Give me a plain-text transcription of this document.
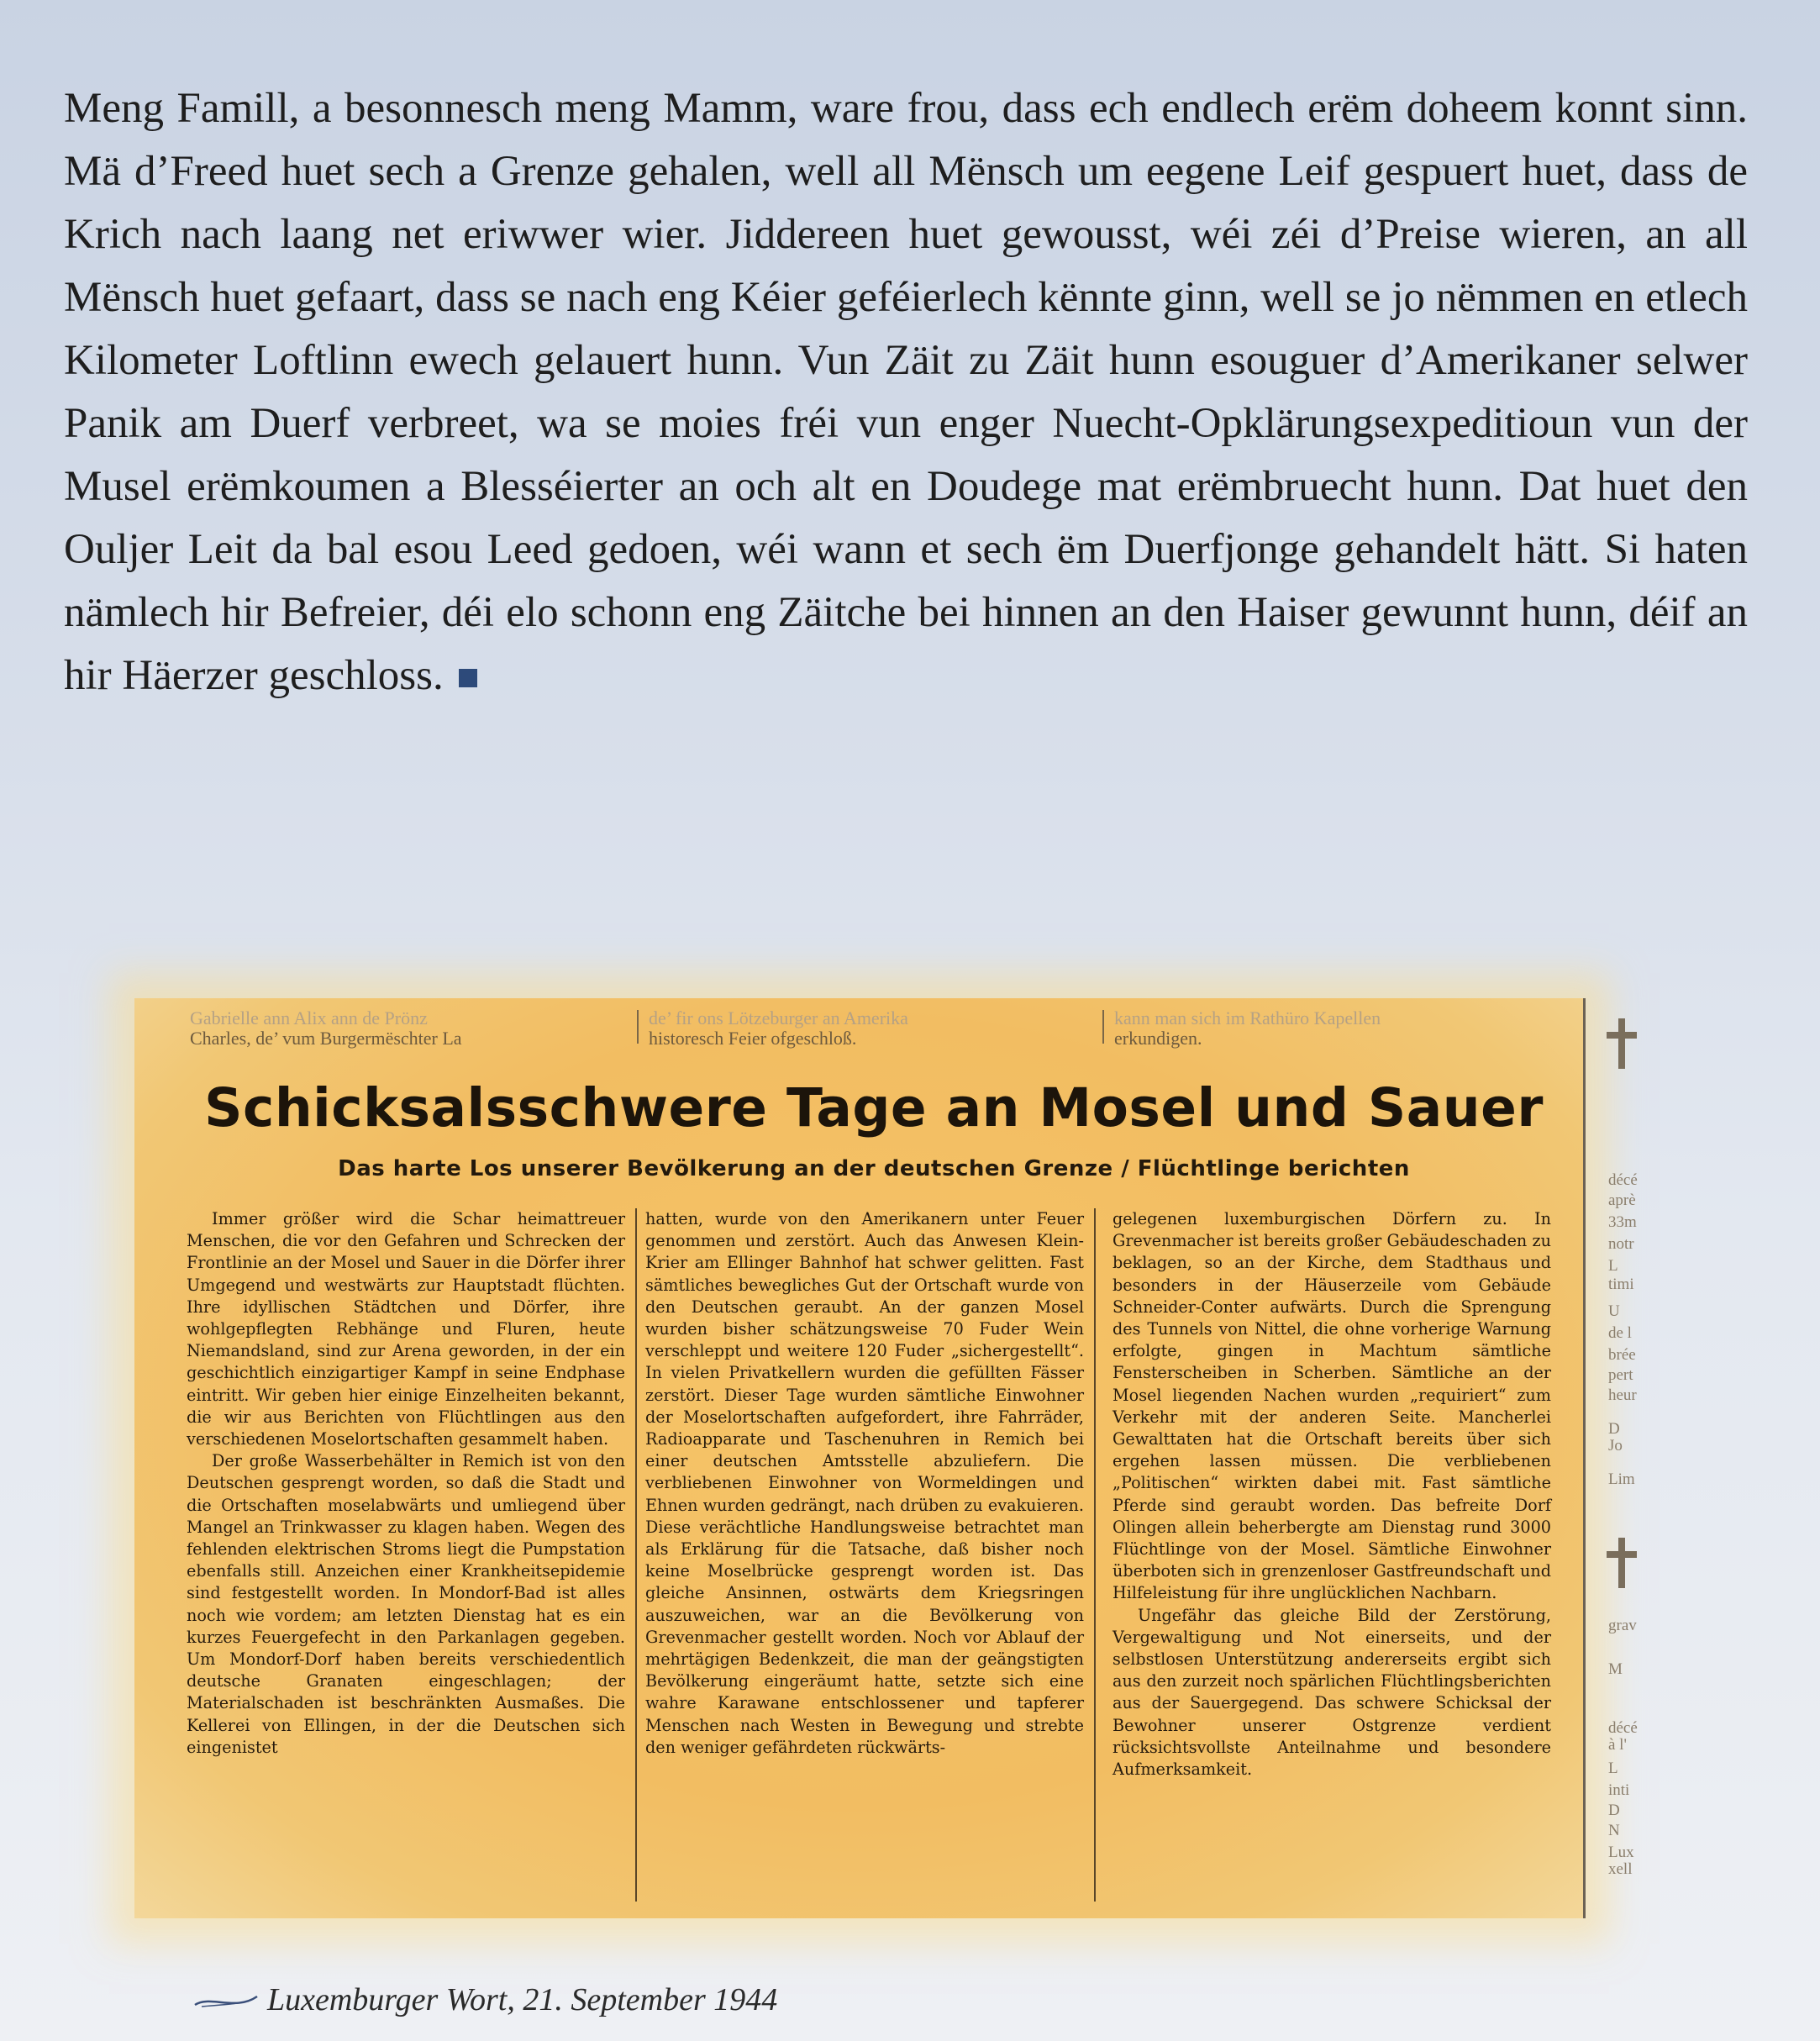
Meng Famill, a besonnesch meng Mamm, ware frou, dass ech endlech erëm doheem konnt sinn. Mä d’Freed huet sech a Grenze gehalen, well all Mënsch um eegene Leif gespuert huet, dass de Krich nach laang net eriwwer wier. Jiddereen huet gewousst, wéi zéi d’Preise wieren, an all Mënsch huet gefaart, dass se nach eng Kéier geféierlech kënnte ginn, well se jo nëmmen en etlech Kilometer Loftlinn ewech gelauert hunn. Vun Zäit zu Zäit hunn esouguer d’Amerikaner selwer Panik am Duerf verbreet, wa se moies fréi vun enger Nuecht-Opklärungsexpeditioun vun der Musel erëmkoumen a Blesséierter an och alt en Doudege mat erëmbruecht hunn. Dat huet den Ouljer Leit da bal esou Leed gedoen, wéi wann et sech ëm Duerfjonge gehandelt hätt. Si haten nämlech hir Befreier, déi elo schonn eng Zäitche bei hinnen an den Haiser gewunnt hunn, déif an hir Häerzer geschloss.
Gabrielle ann Alix ann de Prönz
Charles, de’ vum Burgermëschter La
de’ fir ons Lötzeburger an Amerika
historesch Feier ofgeschloß.
kann man sich im Rathüro Kapellen
erkundigen.
Schicksalsschwere Tage an Mosel und Sauer
Das harte Los unserer Bevölkerung an der deutschen Grenze / Flüchtlinge berichten

Immer größer wird die Schar heimattreuer Menschen, die vor den Gefahren und Schrecken der Frontlinie an der Mosel und Sauer in die Dörfer ihrer Umgegend und westwärts zur Hauptstadt flüchten. Ihre idyllischen Städtchen und Dörfer, ihre wohlgepflegten Rebhänge und Fluren, heute Niemandsland, sind zur Arena geworden, in der ein geschichtlich einzigartiger Kampf in seine Endphase eintritt. Wir geben hier einige Einzelheiten bekannt, die wir aus Berichten von Flüchtlingen aus den verschiedenen Moselortschaften gesammelt haben.

Der große Wasserbehälter in Remich ist von den Deutschen gesprengt worden, so daß die Stadt und die Ortschaften moselabwärts und umliegend über Mangel an Trinkwasser zu klagen haben. Wegen des fehlenden elektrischen Stroms liegt die Pumpstation ebenfalls still. Anzeichen einer Krankheitsepidemie sind festgestellt worden. In Mondorf-Bad ist alles noch wie vordem; am letzten Dienstag hat es ein kurzes Feuergefecht in den Parkanlagen gegeben. Um Mondorf-Dorf haben bereits verschiedentlich deutsche Granaten eingeschlagen; der Materialschaden ist beschränkten Ausmaßes. Die Kellerei von Ellingen, in der die Deutschen sich eingenistet

hatten, wurde von den Amerikanern unter Feuer genommen und zerstört. Auch das Anwesen Klein-Krier am Ellinger Bahnhof hat schwer gelitten. Fast sämtliches bewegliches Gut der Ortschaft wurde von den Deutschen geraubt. An der ganzen Mosel wurden bisher schätzungsweise 70 Fuder Wein verschleppt und weitere 120 Fuder „sichergestellt“. In vielen Privatkellern wurden die gefüllten Fässer zerstört. Dieser Tage wurden sämtliche Einwohner der Moselortschaften aufgefordert, ihre Fahrräder, Radioapparate und Taschenuhren in Remich bei einer deutschen Amtsstelle abzuliefern. Die verbliebenen Einwohner von Wormeldingen und Ehnen wurden gedrängt, nach drüben zu evakuieren. Diese verächtliche Handlungsweise betrachtet man als Erklärung für die Tatsache, daß bisher noch keine Moselbrücke gesprengt worden ist. Das gleiche Ansinnen, ostwärts dem Kriegsringen auszuweichen, war an die Bevölkerung von Grevenmacher gestellt worden. Noch vor Ablauf der mehrtägigen Bedenkzeit, die man der geängstigten Bevölkerung eingeräumt hatte, setzte sich eine wahre Karawane entschlossener und tapferer Menschen nach Westen in Bewegung und strebte den weniger gefährdeten rückwärts-

gelegenen luxemburgischen Dörfern zu. In Grevenmacher ist bereits großer Gebäudeschaden zu beklagen, so an der Kirche, dem Stadthaus und besonders in der Häuserzeile vom Gebäude Schneider-Conter aufwärts. Durch die Sprengung des Tunnels von Nittel, die ohne vorherige Warnung erfolgte, gingen in Machtum sämtliche Fensterscheiben in Scherben. Sämtliche an der Mosel liegenden Nachen wurden „requiriert“ zum Verkehr mit der anderen Seite. Mancherlei Gewalttaten hat die Ortschaft bereits über sich ergehen lassen müssen. Die verbliebenen „Politischen“ wirkten dabei mit. Fast sämtliche Pferde sind geraubt worden. Das befreite Dorf Olingen allein beherbergte am Dienstag rund 3000 Flüchtlinge von der Mosel. Sämtliche Einwohner überboten sich in grenzenloser Gastfreundschaft und Hilfeleistung für ihre unglücklichen Nachbarn.

Ungefähr das gleiche Bild der Zerstörung, Vergewaltigung und Not einerseits, und der selbstlosen Unterstützung andererseits ergibt sich aus den zurzeit noch spärlichen Flüchtlingsberichten aus der Sauergegend. Das schwere Schicksal der Bewohner unserer Ostgrenze verdient rücksichtsvollste Anteilnahme und besondere Aufmerksamkeit.

décé
aprè
33m
notr
L
timi
U
de l
brée
pert
heur
D
Jo
Lim
grav
M
décé
à l'
L
inti
D
N
Lux
xell
Luxemburger Wort, 21. September 1944
